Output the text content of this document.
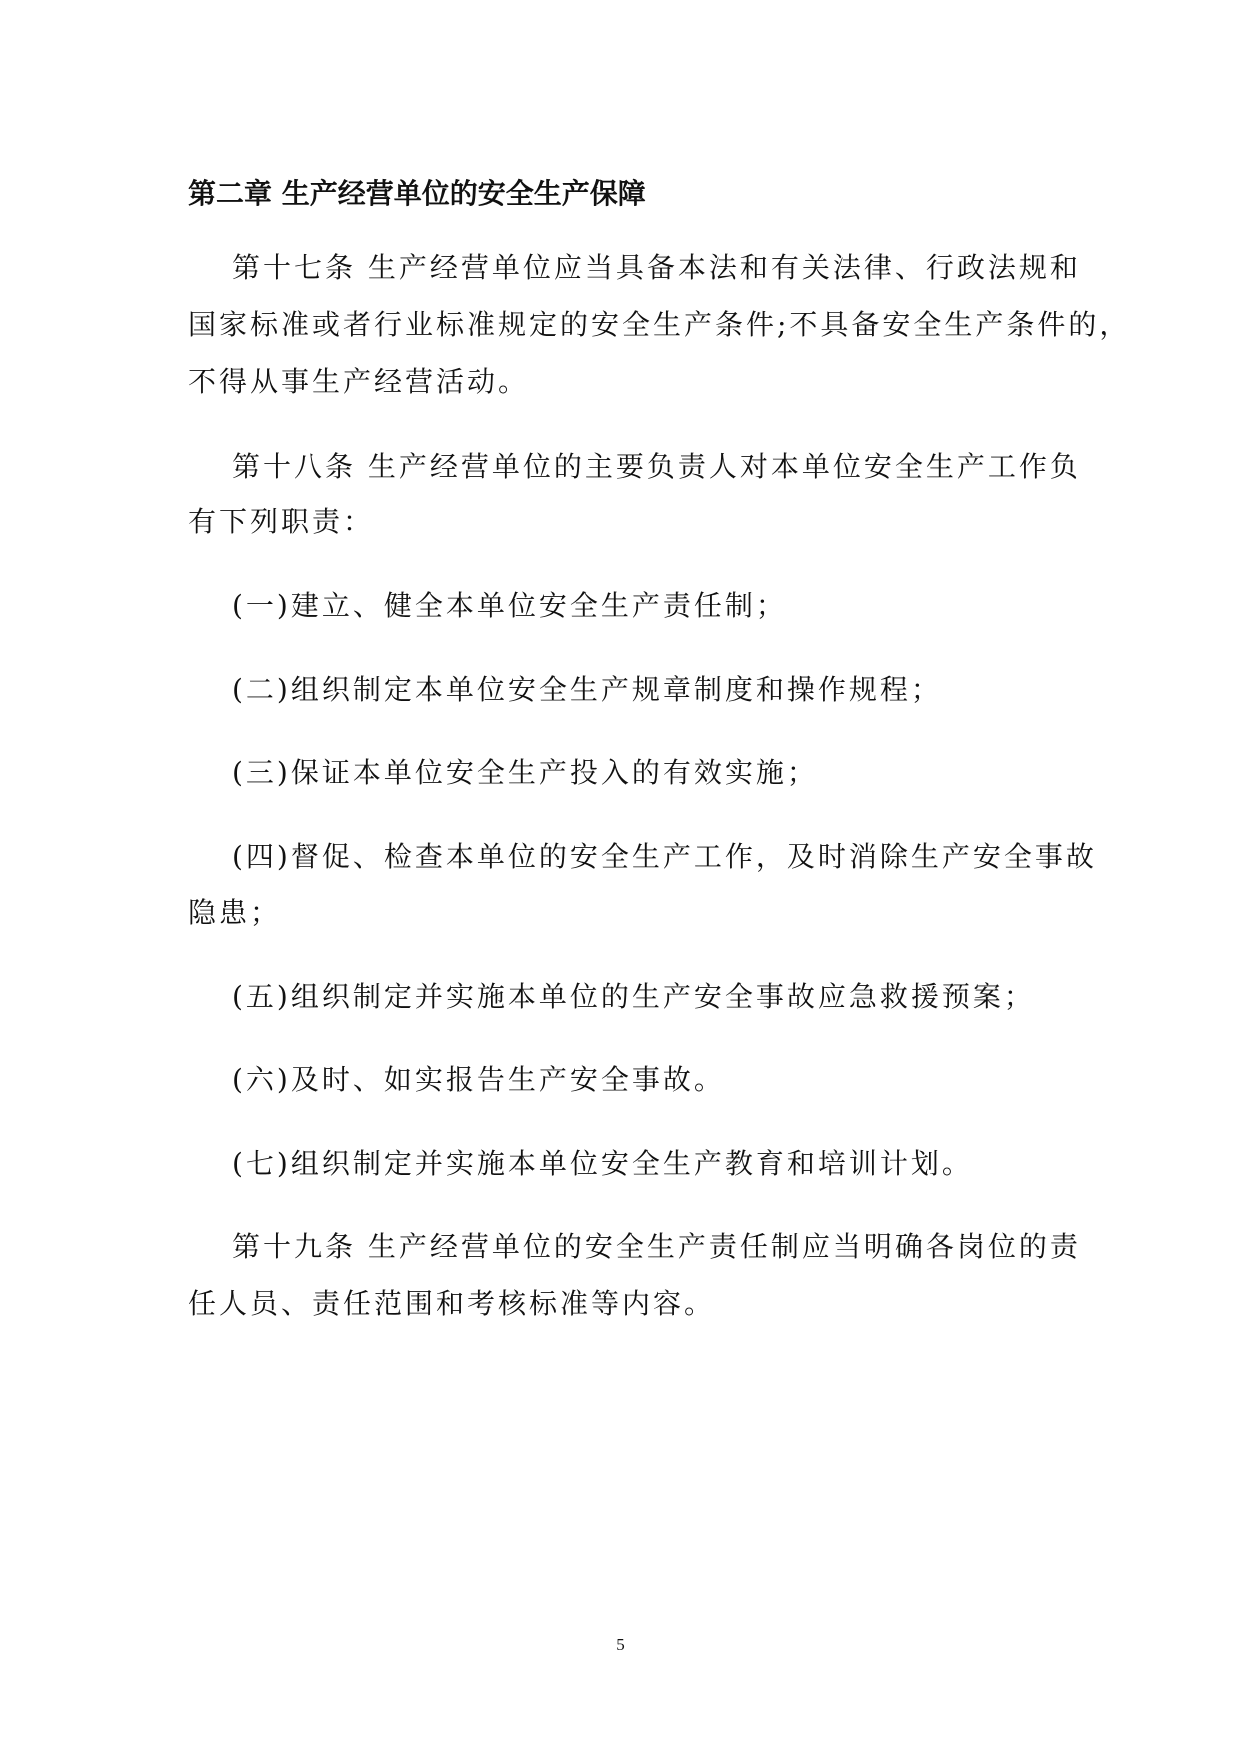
第二章 生产经营单位的安全生产保障
第十七条 生产经营单位应当具备本法和有关法律、行政法规和
国家标准或者行业标准规定的安全生产条件;不具备安全生产条件的，
不得从事生产经营活动。
第十八条 生产经营单位的主要负责人对本单位安全生产工作负
有下列职责：
(一)建立、健全本单位安全生产责任制；
(二)组织制定本单位安全生产规章制度和操作规程；
(三)保证本单位安全生产投入的有效实施；
(四)督促、检查本单位的安全生产工作，及时消除生产安全事故
隐患；
(五)组织制定并实施本单位的生产安全事故应急救援预案；
(六)及时、如实报告生产安全事故。
(七)组织制定并实施本单位安全生产教育和培训计划。
第十九条 生产经营单位的安全生产责任制应当明确各岗位的责
任人员、责任范围和考核标准等内容。
5
